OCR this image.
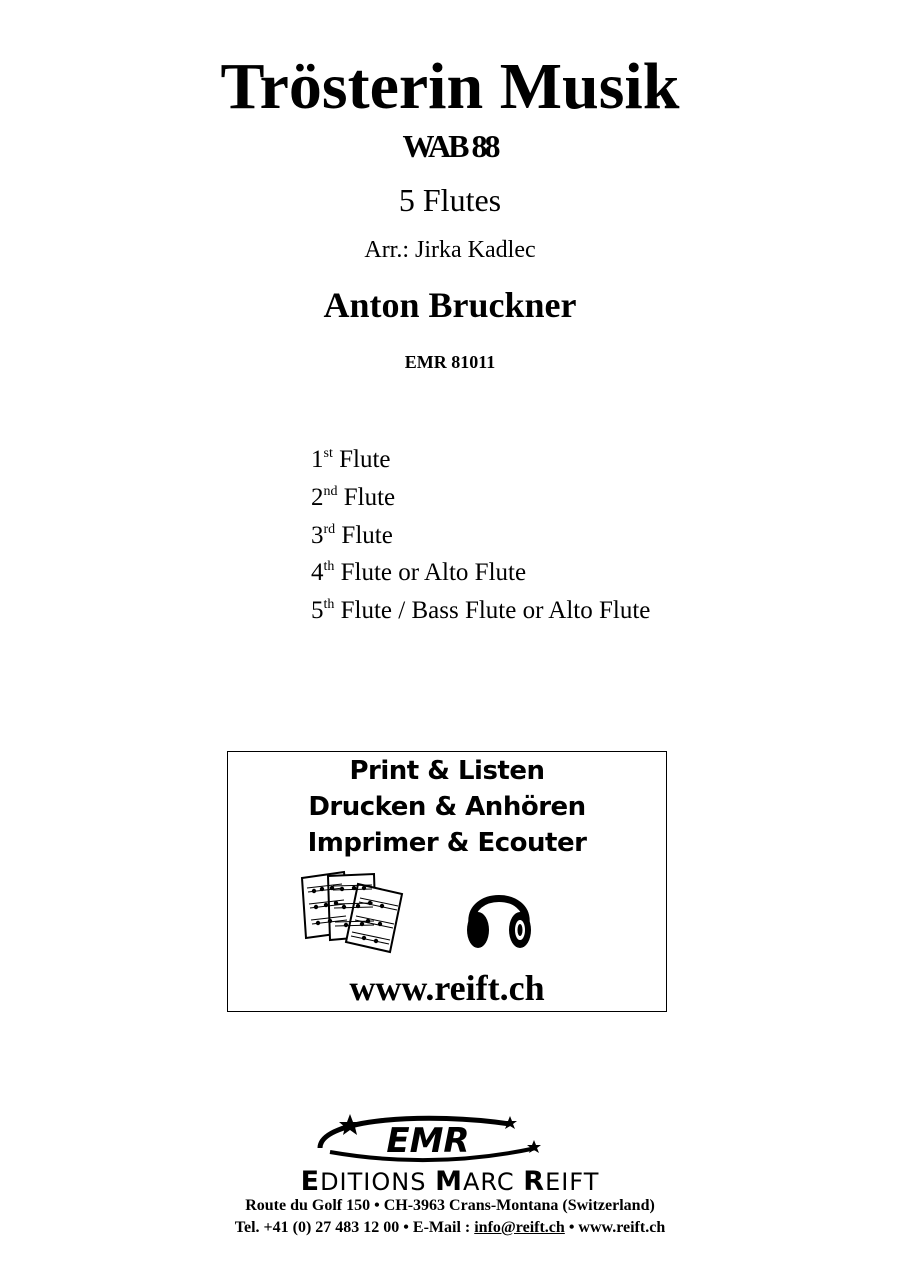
Trösterin Musik
WAB 88
5 Flutes
Arr.: Jirka Kadlec
Anton Bruckner
EMR 81011
1st Flute
2nd Flute
3rd Flute
4th Flute or Alto Flute
5th Flute / Bass Flute or Alto Flute
Print & Listen
Drucken & Anhören
Imprimer & Ecouter
www.reift.ch
EMR
EDITIONS MARC REIFT
Route du Golf 150 • CH-3963 Crans-Montana (Switzerland)
Tel. +41 (0) 27 483 12 00 • E-Mail : info@reift.ch • www.reift.ch
